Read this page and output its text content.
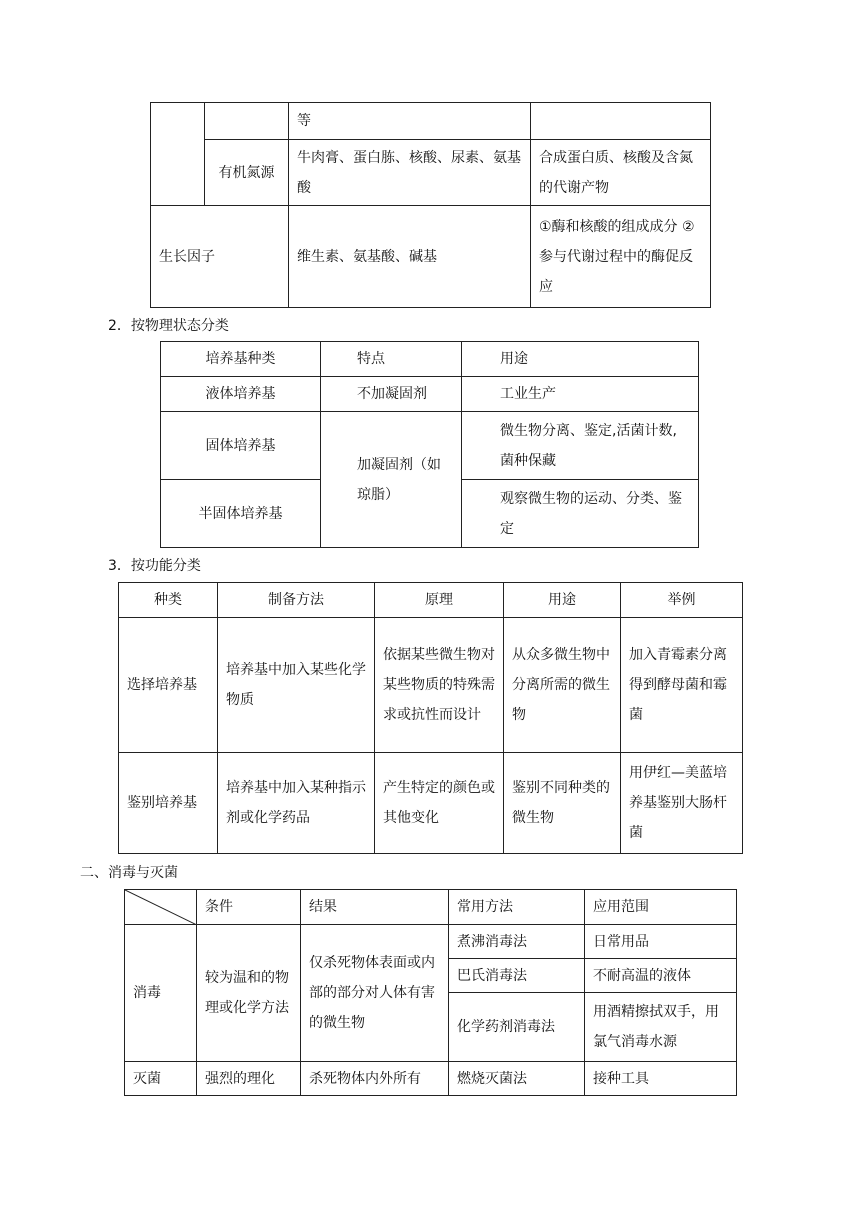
		等	
	有机氮源	牛肉膏、蛋白胨、核酸、尿素、氨基酸	合成蛋白质、核酸及含氮的代谢产物
生长因子		维生素、氨基酸、碱基	①酶和核酸的组成成分 ②参与代谢过程中的酶促反应
2．按物理状态分类
培养基种类	特点	用途
液体培养基	不加凝固剂	工业生产
固体培养基	加凝固剂（如琼脂）	微生物分离、鉴定,活菌计数,菌种保藏
半固体培养基		观察微生物的运动、分类、鉴定
3．按功能分类
种类	制备方法	原理	用途	举例
选择培养基	培养基中加入某些化学物质	依据某些微生物对某些物质的特殊需求或抗性而设计	从众多微生物中分离所需的微生物	加入青霉素分离得到酵母菌和霉菌
鉴别培养基	培养基中加入某种指示剂或化学药品	产生特定的颜色或其他变化	鉴别不同种类的微生物	用伊红—美蓝培养基鉴别大肠杆菌
二、消毒与灭菌
	条件	结果	常用方法	应用范围
消毒	较为温和的物理或化学方法	仅杀死物体表面或内部的部分对人体有害的微生物	煮沸消毒法	日常用品
			巴氏消毒法	不耐高温的液体
			化学药剂消毒法	用酒精擦拭双手，用氯气消毒水源
灭菌	强烈的理化	杀死物体内外所有	燃烧灭菌法	接种工具
